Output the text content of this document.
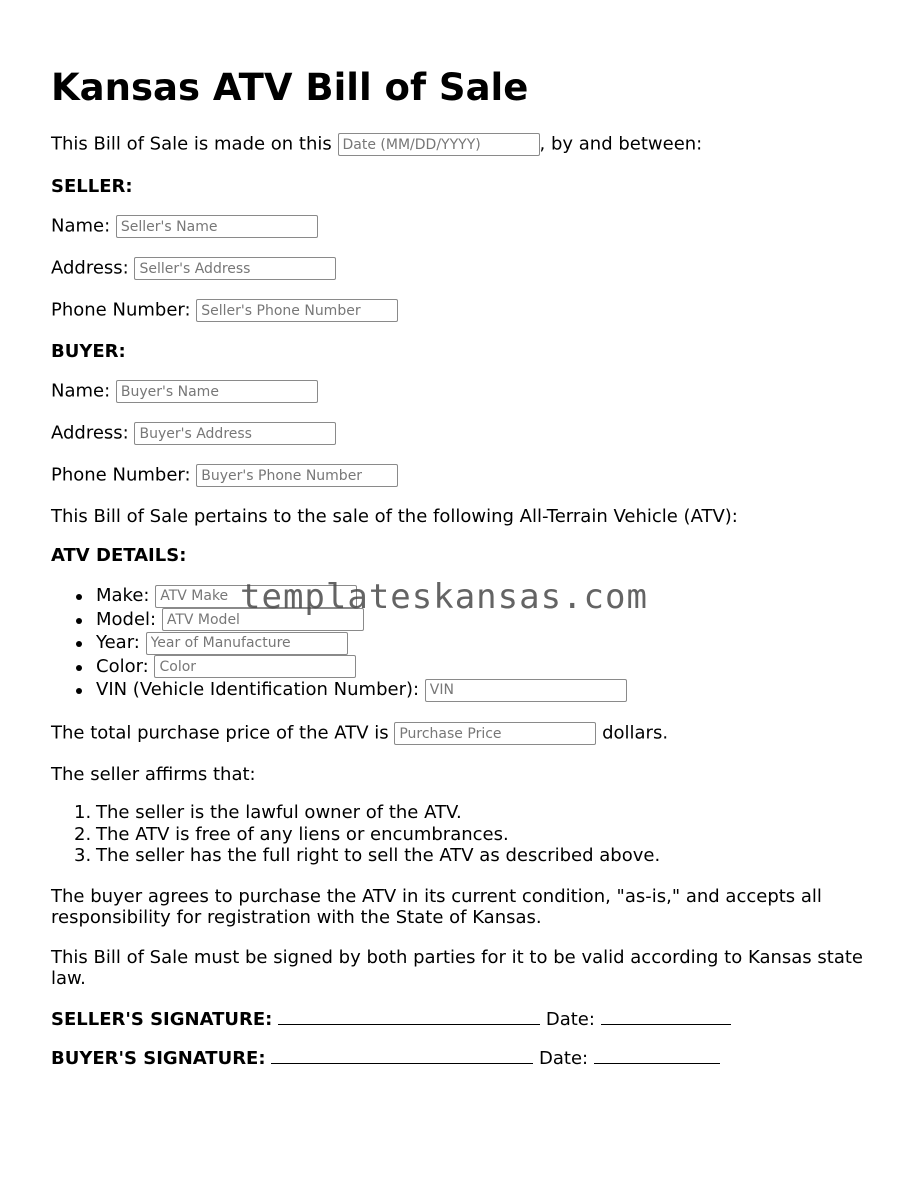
Kansas ATV Bill of Sale
This Bill of Sale is made on this Date (MM/DD/YYYY)	, by and between:
SELLER:
Name: Seller's Name
Address: Seller's Address
Phone Number: Seller's Phone Number
BUYER:
Name: Buyer's Name
Address: Buyer's Address
Phone Number: Buyer's Phone Number
This Bill of Sale pertains to the sale of the following All-Terrain Vehicle (ATV):
ATV DETAILS:
Make: ATV Make
Model: ATV Model
Year: Year of Manufacture
Color: Color
VIN (Vehicle Identification Number): VIN
The total purchase price of the ATV is Purchase Price	dollars.
The seller affirms that:
1. The seller is the lawful owner of the ATV.
2. The ATV is free of any liens or encumbrances.
3. The seller has the full right to sell the ATV as described above.
The buyer agrees to purchase the ATV in its current condition, "as-is," and accepts all responsibility for registration with the State of Kansas.
This Bill of Sale must be signed by both parties for it to be valid according to Kansas state law.
SELLER'S SIGNATURE:	Date:
BUYER'S SIGNATURE:	Date:
templateskansas.com
